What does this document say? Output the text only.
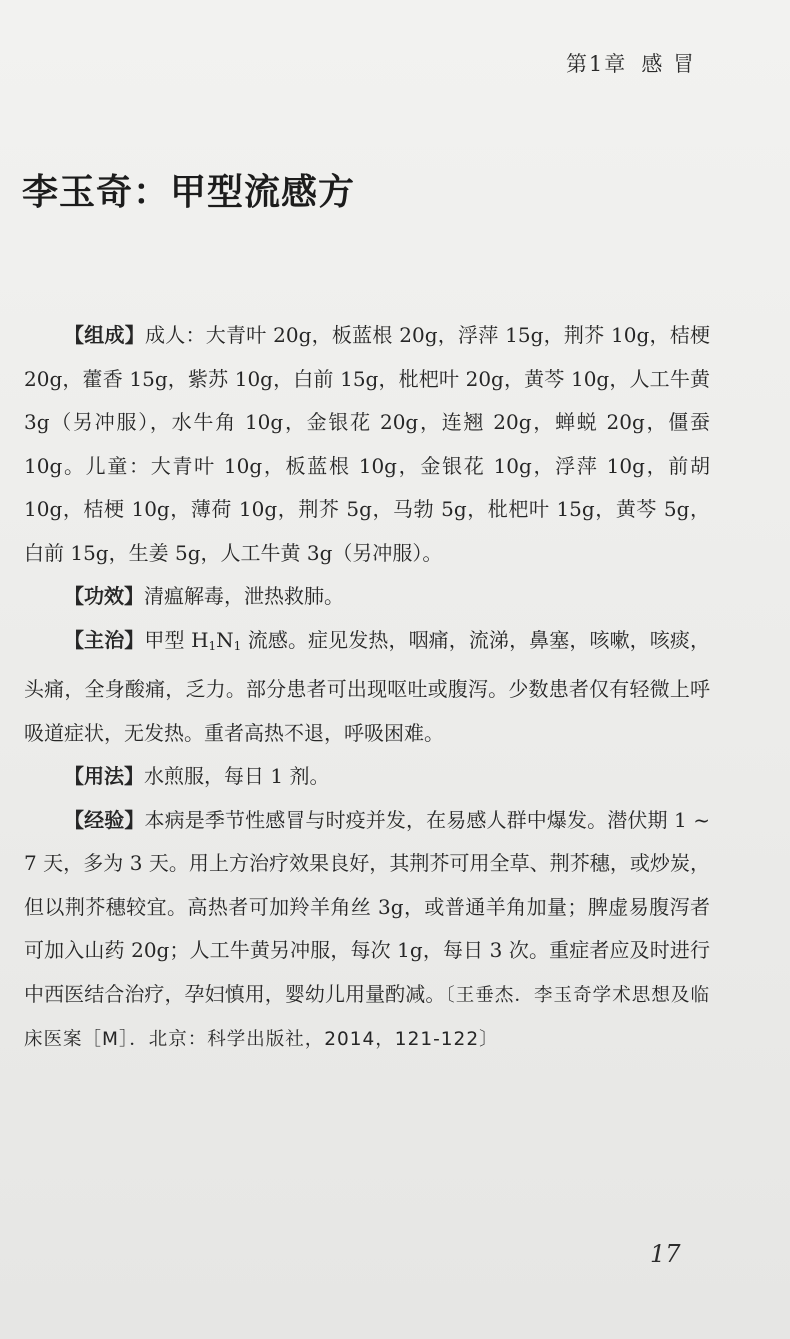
第1章 感 冒
李玉奇：甲型流感方

【组成】成人：大青叶 20g，板蓝根 20g，浮萍 15g，荆芥 10g，桔梗 20g，藿香 15g，紫苏 10g，白前 15g，枇杷叶 20g，黄芩 10g，人工牛黄 3g（另冲服），水牛角 10g，金银花 20g，连翘 20g，蝉蜕 20g，僵蚕 10g。儿童：大青叶 10g，板蓝根 10g，金银花 10g，浮萍 10g，前胡 10g，桔梗 10g，薄荷 10g，荆芥 5g，马勃 5g，枇杷叶 15g，黄芩 5g，白前 15g，生姜 5g，人工牛黄 3g（另冲服）。

【功效】清瘟解毒，泄热救肺。

【主治】甲型 $H_1N_1$ 流感。症见发热，咽痛，流涕，鼻塞，咳嗽，咳痰，头痛，全身酸痛，乏力。部分患者可出现呕吐或腹泻。少数患者仅有轻微上呼吸道症状，无发热。重者高热不退，呼吸困难。

【用法】水煎服，每日 1 剂。

【经验】本病是季节性感冒与时疫并发，在易感人群中爆发。潜伏期 1 ~ 7 天，多为 3 天。用上方治疗效果良好，其荆芥可用全草、荆芥穗，或炒炭，但以荆芥穗较宜。高热者可加羚羊角丝 3g，或普通羊角加量；脾虚易腹泻者可加入山药 20g；人工牛黄另冲服，每次 1g，每日 3 次。重症者应及时进行中西医结合治疗，孕妇慎用，婴幼儿用量酌减。〔王垂杰．李玉奇学术思想及临床医案［M］．北京：科学出版社，2014，121-122〕

17
